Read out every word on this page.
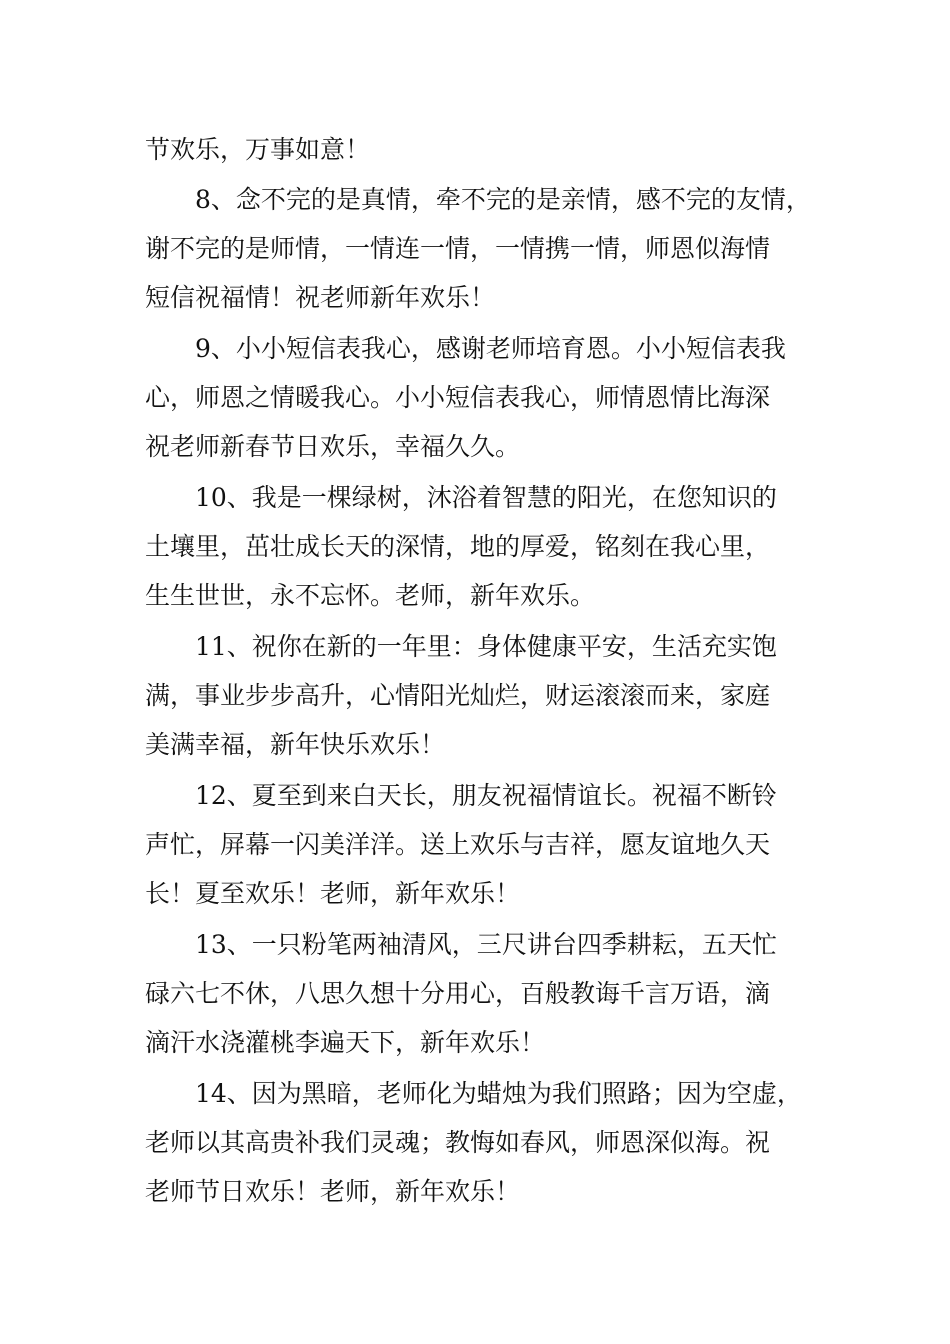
节欢乐，万事如意！
8、念不完的是真情，牵不完的是亲情，感不完的友情，
谢不完的是师情，一情连一情，一情携一情，师恩似海情
短信祝福情！祝老师新年欢乐！
9、小小短信表我心，感谢老师培育恩。小小短信表我
心，师恩之情暖我心。小小短信表我心，师情恩情比海深
祝老师新春节日欢乐，幸福久久。
10、我是一棵绿树，沐浴着智慧的阳光，在您知识的
土壤里，茁壮成长天的深情，地的厚爱，铭刻在我心里，
生生世世，永不忘怀。老师，新年欢乐。
11、祝你在新的一年里：身体健康平安，生活充实饱
满，事业步步高升，心情阳光灿烂，财运滚滚而来，家庭
美满幸福，新年快乐欢乐！
12、夏至到来白天长，朋友祝福情谊长。祝福不断铃
声忙，屏幕一闪美洋洋。送上欢乐与吉祥，愿友谊地久天
长！夏至欢乐！老师，新年欢乐！
13、一只粉笔两袖清风，三尺讲台四季耕耘，五天忙
碌六七不休，八思久想十分用心，百般教诲千言万语，滴
滴汗水浇灌桃李遍天下，新年欢乐！
14、因为黑暗，老师化为蜡烛为我们照路；因为空虚，
老师以其高贵补我们灵魂；教悔如春风，师恩深似海。祝
老师节日欢乐！老师，新年欢乐！
